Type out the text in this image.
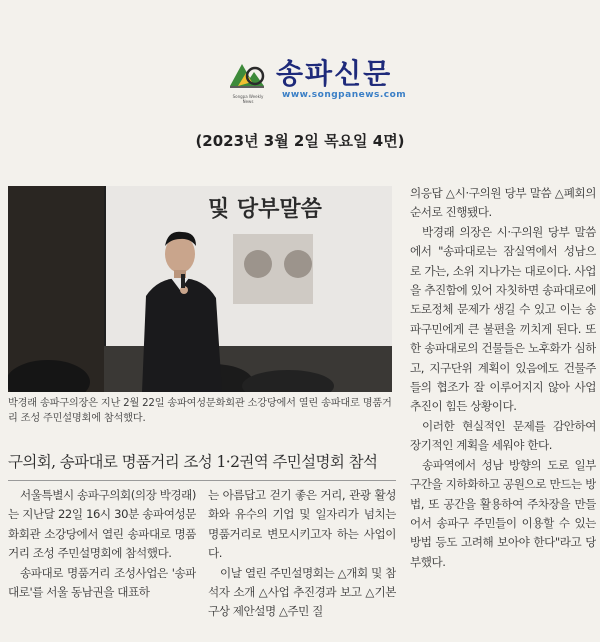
Songpa Weekly News
송파신문
www.songpanews.com
(2023년 3월 2일 목요일 4면)
및 당부말씀
박경래 송파구의장은 지난 2월 22일 송파여성문화회관 소강당에서 열린 송파대로 명품거리 조성 주민설명회에 참석했다.
구의회, 송파대로 명품거리 조성 1·2권역 주민설명회 참석

서울특별시 송파구의회(의장 박경래)는 지난달 22일 16시 30분 송파여성문화회관 소강당에서 열린 송파대로 명품거리 조성 주민설명회에 참석했다.

송파대로 명품거리 조성사업은 '송파대로'를 서울 동남권을 대표하

는 아름답고 걷기 좋은 거리, 관광 활성화와 유수의 기업 및 일자리가 넘치는 명품거리로 변모시키고자 하는 사업이다.

이날 열린 주민설명회는 △개회 및 참석자 소개 △사업 추진경과 보고 △기본구상 제안설명 △주민 질

의응답 △시·구의원 당부 말씀 △폐회의 순서로 진행됐다.

박경래 의장은 시·구의원 당부 말씀에서 "송파대로는 잠실역에서 성남으로 가는, 소위 지나가는 대로이다. 사업을 추진함에 있어 자칫하면 송파대로에 도로정체 문제가 생길 수 있고 이는 송파구민에게 큰 불편을 끼치게 된다. 또한 송파대로의 건물들은 노후화가 심하고, 지구단위 계획이 있음에도 건물주들의 협조가 잘 이루어지지 않아 사업 추진이 힘든 상황이다.

이러한 현실적인 문제를 감안하여 장기적인 계획을 세워야 한다.

송파역에서 성남 방향의 도로 일부 구간을 지하화하고 공원으로 만드는 방법, 또 공간을 활용하여 주차장을 만들어서 송파구 주민들이 이용할 수 있는 방법 등도 고려해 보아야 한다"라고 당부했다.
